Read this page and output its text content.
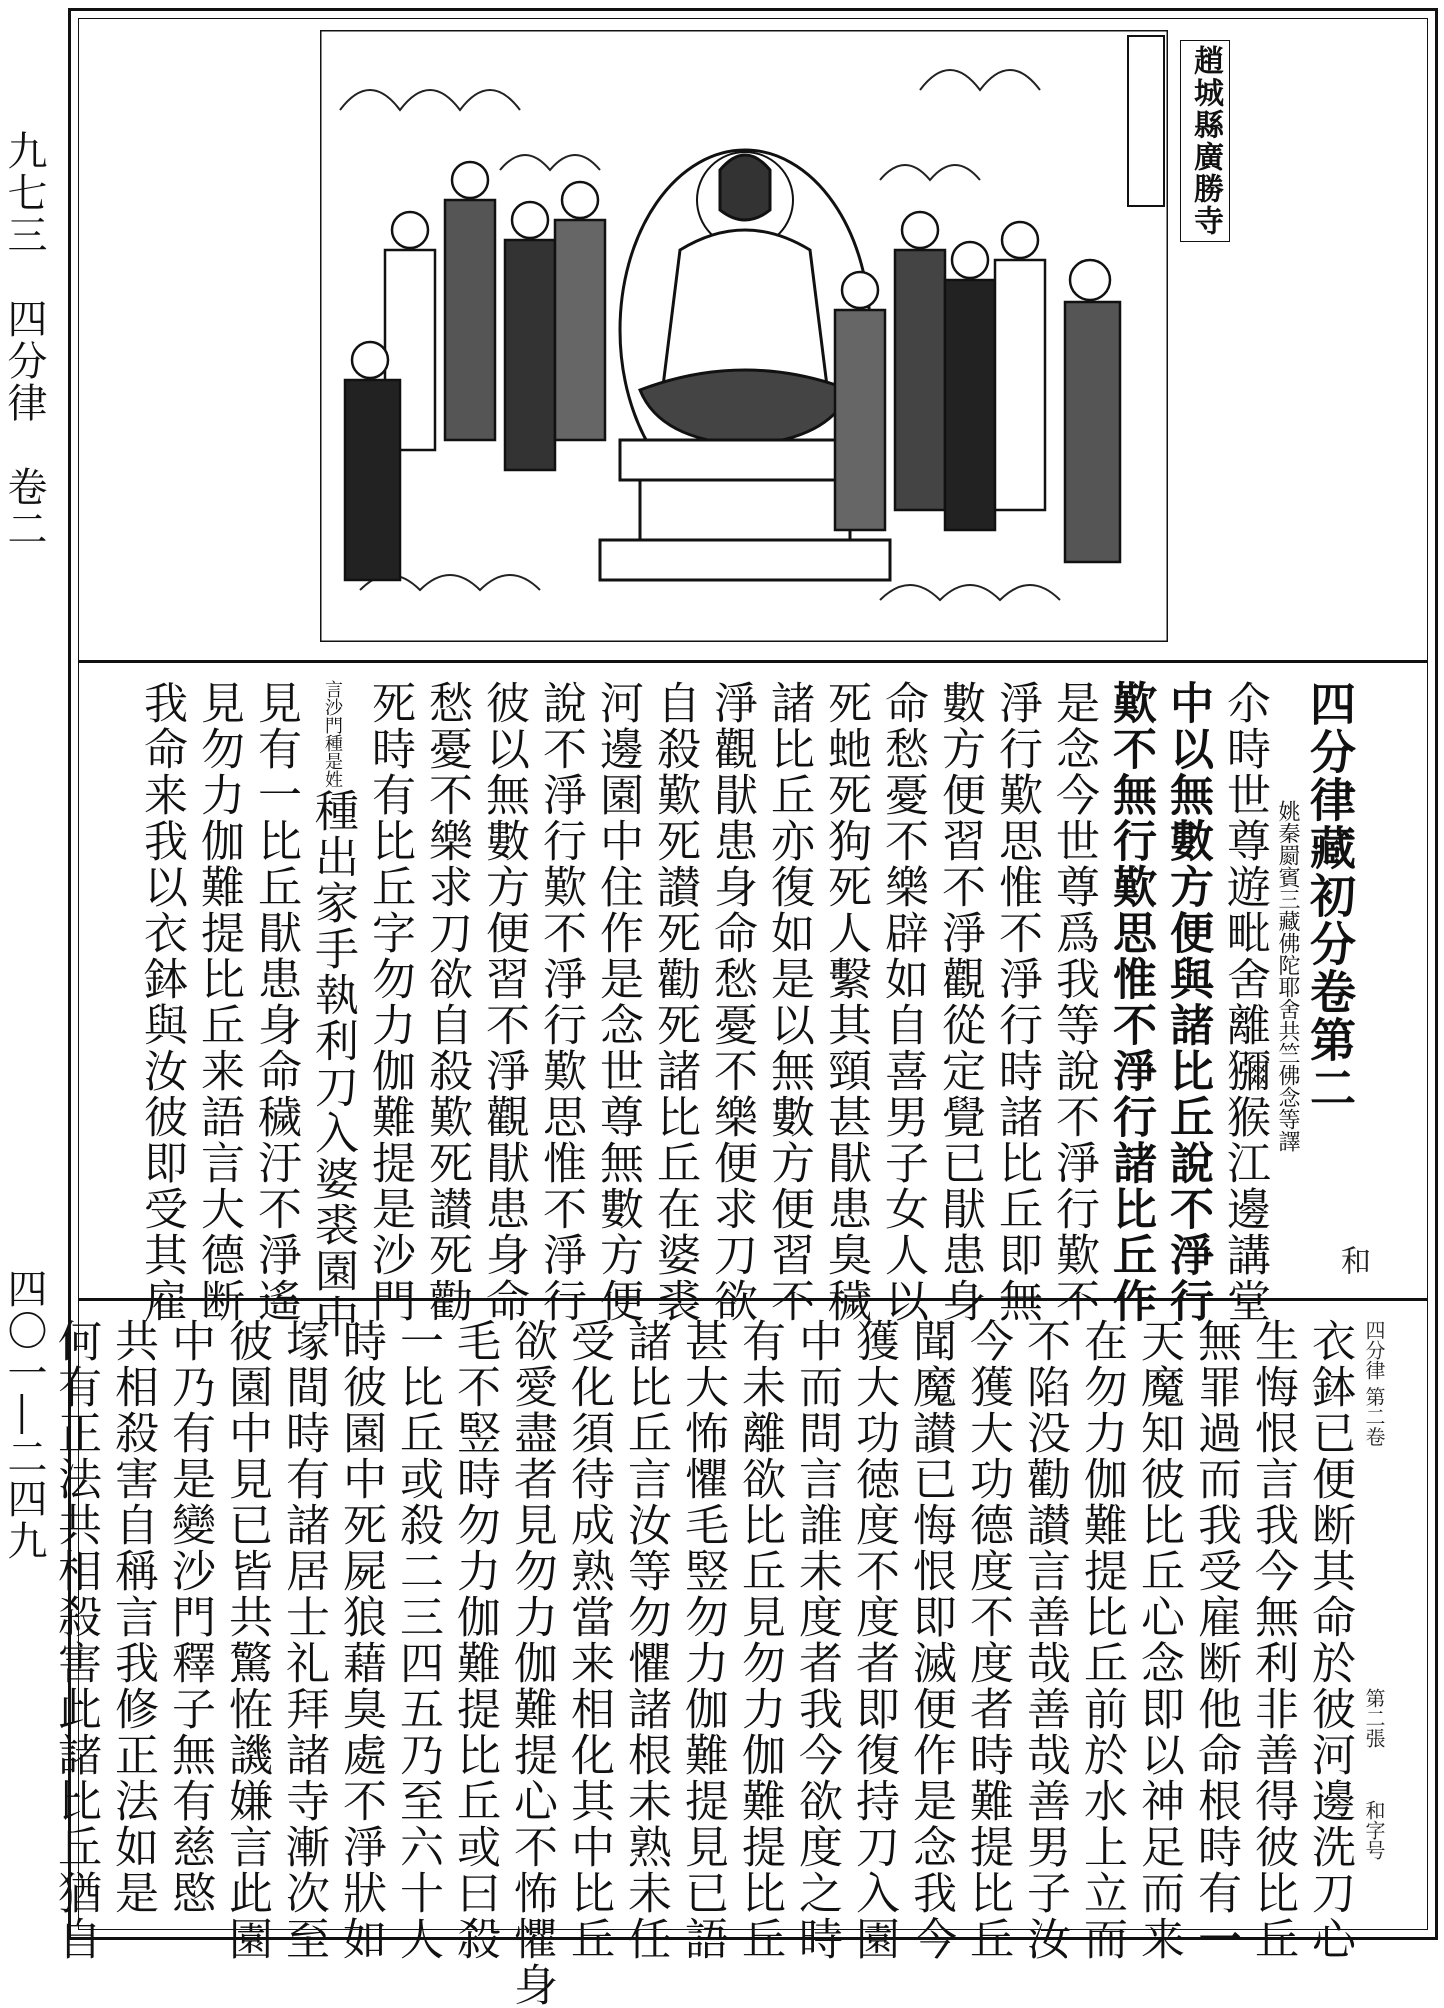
九七三　四分律　卷二
四〇一―二四九
趙城縣廣勝寺
四分律藏初分卷第二
姚秦罽賓三藏佛陀耶舍共竺佛念等譯
尒時世尊遊毗舍離獼猴江邊講堂
中以無數方便與諸比丘說不淨行
歎不無行歎思惟不淨行諸比丘作
是念今世尊爲我等說不淨行歎不
淨行歎思惟不淨行時諸比丘即無
數方便習不淨觀從定覺已猒患身
命愁憂不樂辟如自喜男子女人以
死虵死狗死人繫其頸甚猒患臭穢
諸比丘亦復如是以無數方便習不
淨觀猒患身命愁憂不樂便求刀欲
自殺歎死讃死勸死諸比丘在婆裘
河邊園中住作是念世尊無數方便
說不淨行歎不淨行歎思惟不淨行
彼以無數方便習不淨觀猒患身命
愁憂不樂求刀欲自殺歎死讃死勸
死時有比丘字勿力伽難提是沙門
言沙門種是姓種出家手執利刀入婆裘園中
見有一比丘猒患身命穢汙不淨遙
見勿力伽難提比丘来語言大德断
我命来我以衣鉢與汝彼即受其雇	和
四分律 第二卷
第二張
和字号
衣鉢已便断其命於彼河邊洗刀心
生悔恨言我今無利非善得彼比丘
無罪過而我受雇断他命根時有一
天魔知彼比丘心念即以神足而来
在勿力伽難提比丘前於水上立而
不陷没勸讃言善哉善哉善男子汝
今獲大功德度不度者時難提比丘
聞魔讃已悔恨即滅便作是念我今
獲大功徳度不度者即復持刀入園
中而問言誰未度者我今欲度之時
有未離欲比丘見勿力伽難提比丘
甚大怖懼毛竪勿力伽難提見已語
諸比丘言汝等勿懼諸根未熟未任
受化須待成熟當来相化其中比丘
欲愛盡者見勿力伽難提心不怖懼身
毛不竪時勿力伽難提比丘或曰殺
一比丘或殺二三四五乃至六十人
時彼園中死屍狼藉臭處不淨狀如
塜間時有諸居士礼拜諸寺漸次至
彼園中見已皆共驚恠譏嫌言此園
中乃有是變沙門釋子無有慈愍
共相殺害自稱言我修正法如是
何有正法共相殺害此諸比丘猶自
